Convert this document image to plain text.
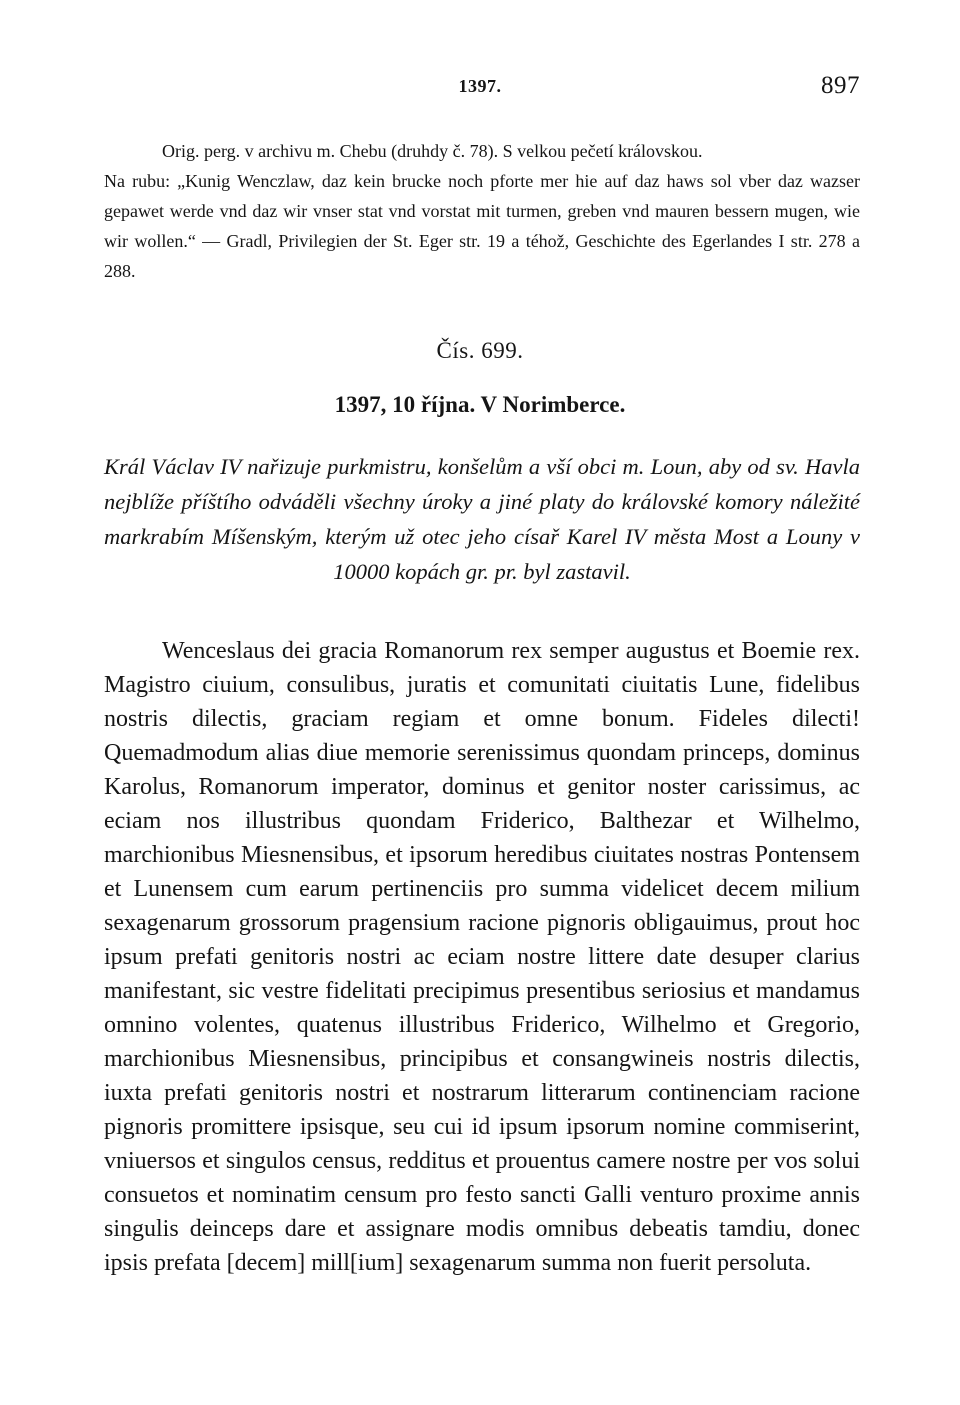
1397.	897

Orig. perg. v archivu m. Chebu (druhdy č. 78). S velkou pečetí královskou.

Na rubu: „Kunig Wenczlaw, daz kein brucke noch pforte mer hie auf daz haws sol vber daz wazser gepawet werde vnd daz wir vnser stat vnd vorstat mit turmen, greben vnd mauren bessern mugen, wie wir wollen.“ — Gradl, Privilegien der St. Eger str. 19 a téhož, Geschichte des Egerlandes I str. 278 a 288.

Čís. 699.
1397, 10 října. V Norimberce.

Král Václav IV nařizuje purkmistru, konšelům a vší obci m. Loun, aby od sv. Havla nejblíže příštího odváděli všechny úroky a jiné platy do královské komory náležité markrabím Míšenským, kterým už otec jeho císař Karel IV města Most a Louny v 10000 kopách gr. pr. byl zastavil.

Wenceslaus dei gracia Romanorum rex semper augustus et Boemie rex. Magistro ciuium, consulibus, juratis et comunitati ciuitatis Lune, fidelibus nostris dilectis, graciam regiam et omne bonum. Fideles dilecti! Quemadmodum alias diue memorie serenissimus quondam princeps, dominus Karolus, Romanorum imperator, dominus et genitor noster carissimus, ac eciam nos illustribus quondam Friderico, Balthezar et Wilhelmo, marchionibus Miesnensibus, et ipsorum heredibus ciuitates nostras Pontensem et Lunensem cum earum pertinenciis pro summa videlicet decem milium sexagenarum grossorum pragensium racione pignoris obligauimus, prout hoc ipsum prefati genitoris nostri ac eciam nostre littere date desuper clarius manifestant, sic vestre fidelitati precipimus presentibus seriosius et mandamus omnino volentes, quatenus illustribus Friderico, Wilhelmo et Gregorio, marchionibus Miesnensibus, principibus et consangwineis nostris dilectis, iuxta prefati genitoris nostri et nostrarum litterarum continenciam racione pignoris promittere ipsisque, seu cui id ipsum ipsorum nomine commiserint, vniuersos et singulos census, redditus et prouentus camere nostre per vos solui consuetos et nominatim censum pro festo sancti Galli venturo proxime annis singulis deinceps dare et assignare modis omnibus debeatis tamdiu, donec ipsis prefata [decem] mill[ium] sexagenarum summa non fuerit persoluta.
